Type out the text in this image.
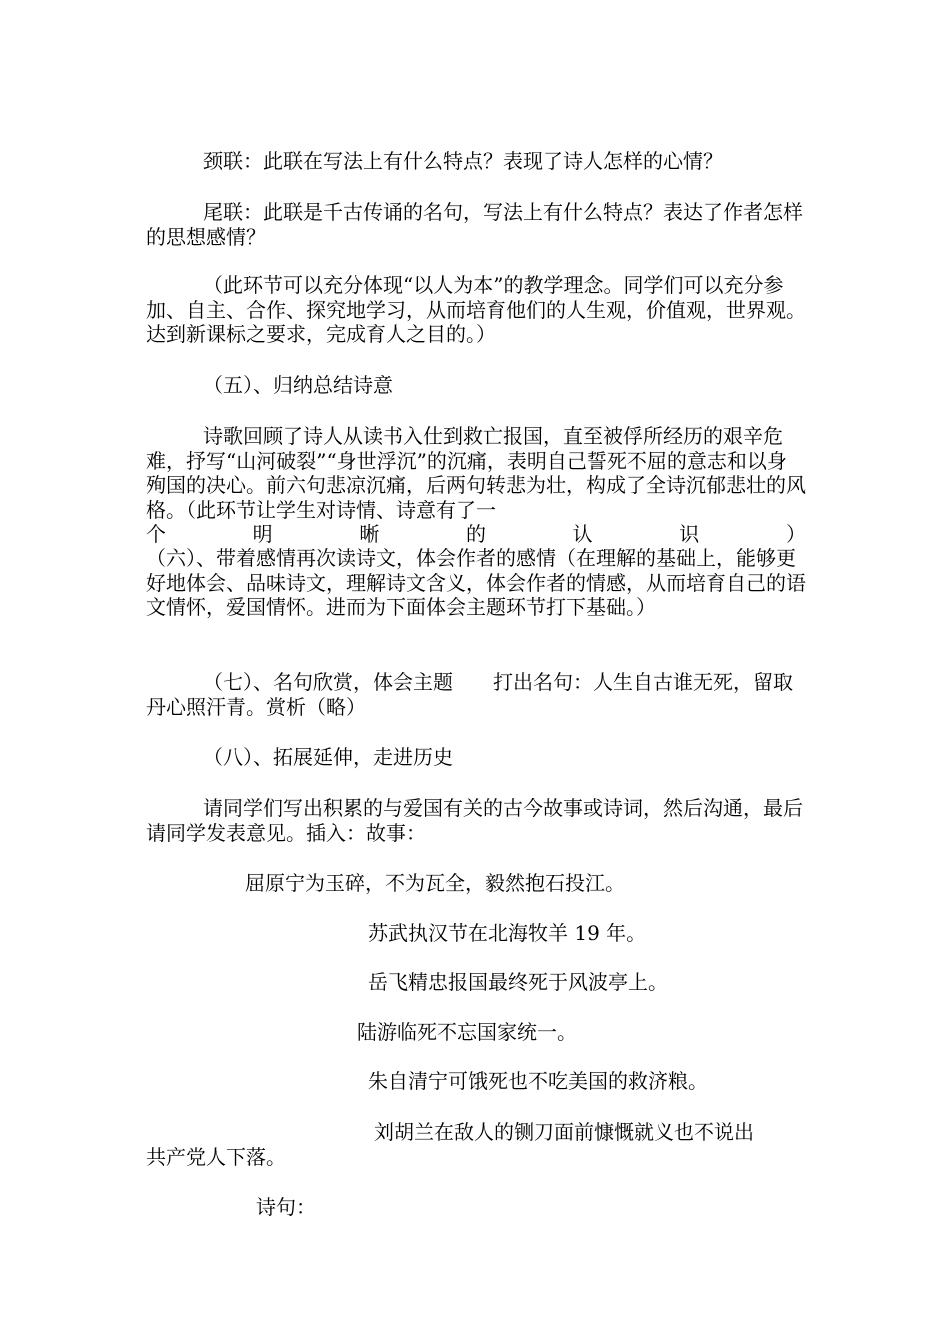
颈联：此联在写法上有什么特点？表现了诗人怎样的心情？

尾联：此联是千古传诵的名句，写法上有什么特点？表达了作者怎样的思想感情？

（此环节可以充分体现“以人为本”的教学理念。同学们可以充分参加、自主、合作、探究地学习，从而培育他们的人生观，价值观，世界观。达到新课标之要求，完成育人之目的。）

（五）、归纳总结诗意

诗歌回顾了诗人从读书入仕到救亡报国，直至被俘所经历的艰辛危难，抒写“山河破裂”“身世浮沉”的沉痛，表明自己誓死不屈的意志和以身殉国的决心。前六句悲凉沉痛，后两句转悲为壮，构成了全诗沉郁悲壮的风格。（此环节让学生对诗情、诗意有了一

个	明	晰	的	认	识	）

（六）、带着感情再次读诗文，体会作者的感情（在理解的基础上，能够更好地体会、品味诗文，理解诗文含义，体会作者的情感，从而培育自己的语文情怀，爱国情怀。进而为下面体会主题环节打下基础。）

（七）、名句欣赏，体会主题　　打出名句：人生自古谁无死，留取丹心照汗青。赏析（略）

（八）、拓展延伸，走进历史

请同学们写出积累的与爱国有关的古今故事或诗词，然后沟通，最后请同学发表意见。插入：故事：

屈原宁为玉碎，不为瓦全，毅然抱石投江。
苏武执汉节在北海牧羊 19 年。
岳飞精忠报国最终死于风波亭上。
陆游临死不忘国家统一。
朱自清宁可饿死也不吃美国的救济粮。
刘胡兰在敌人的铡刀面前慷慨就义也不说出
共产党人下落。
诗句：
